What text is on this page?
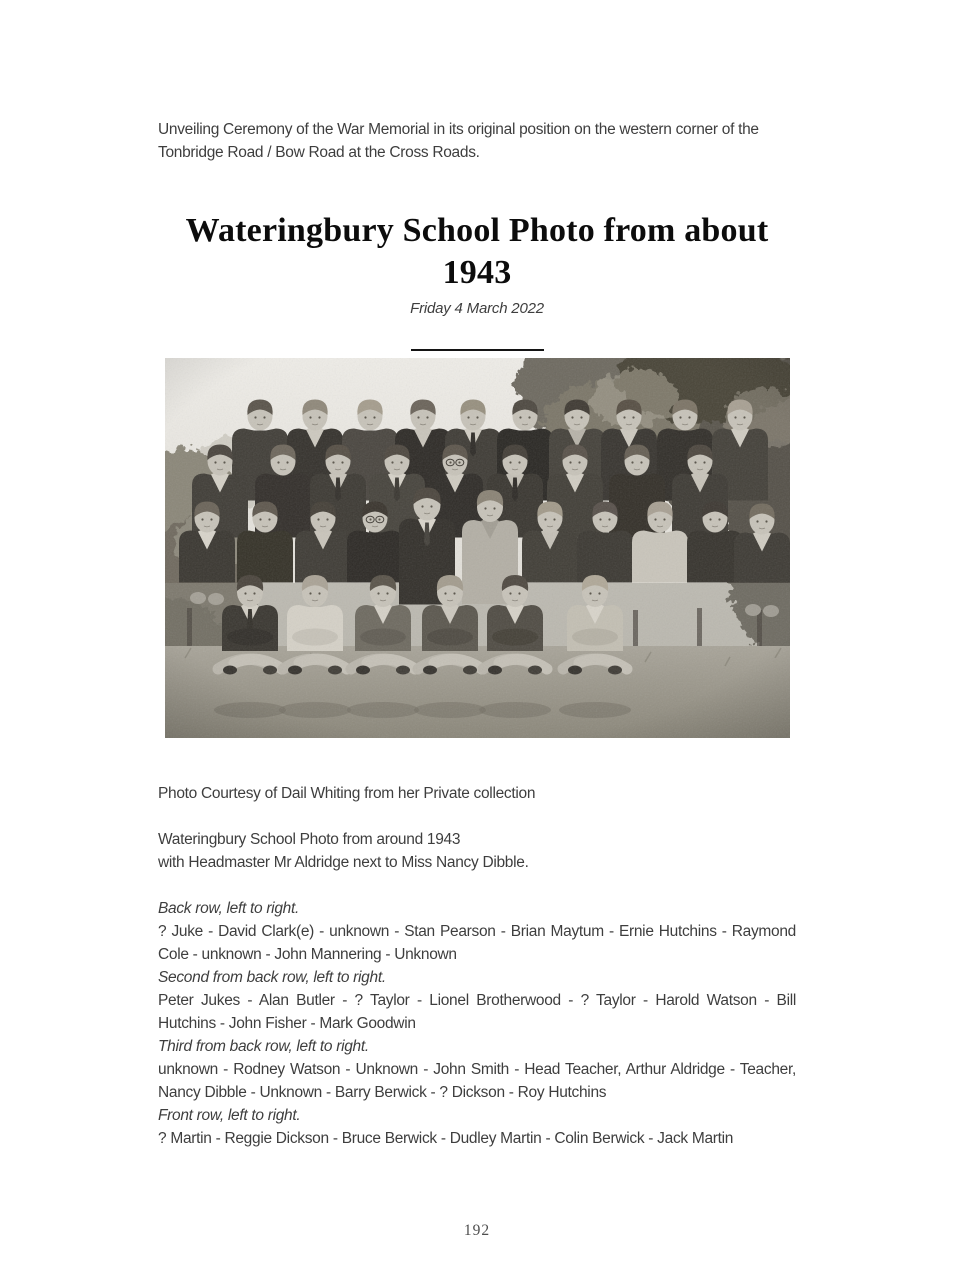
Unveiling Ceremony of the War Memorial in its original position on the western corner of the Tonbridge Road / Bow Road at the Cross Roads.

Wateringbury School Photo from about
1943

Friday 4 March 2022

Photo Courtesy of Dail Whiting from her Private collection

Wateringbury School Photo from around 1943
with Headmaster Mr Aldridge next to Miss Nancy Dibble.

Back row, left to right.

? Juke - David Clark(e) - unknown - Stan Pearson - Brian Maytum - Ernie Hutchins - Raymond Cole - unknown - John Mannering - Unknown

Second from back row, left to right.

Peter Jukes - Alan Butler - ? Taylor - Lionel Brotherwood - ? Taylor - Harold Watson - Bill Hutchins - John Fisher - Mark Goodwin

Third from back row, left to right.

unknown - Rodney Watson - Unknown - John Smith - Head Teacher, Arthur Aldridge - Teacher, Nancy Dibble - Unknown - Barry Berwick - ? Dickson - Roy Hutchins

Front row, left to right.

? Martin - Reggie Dickson - Bruce Berwick - Dudley Martin - Colin Berwick - Jack Martin

192
